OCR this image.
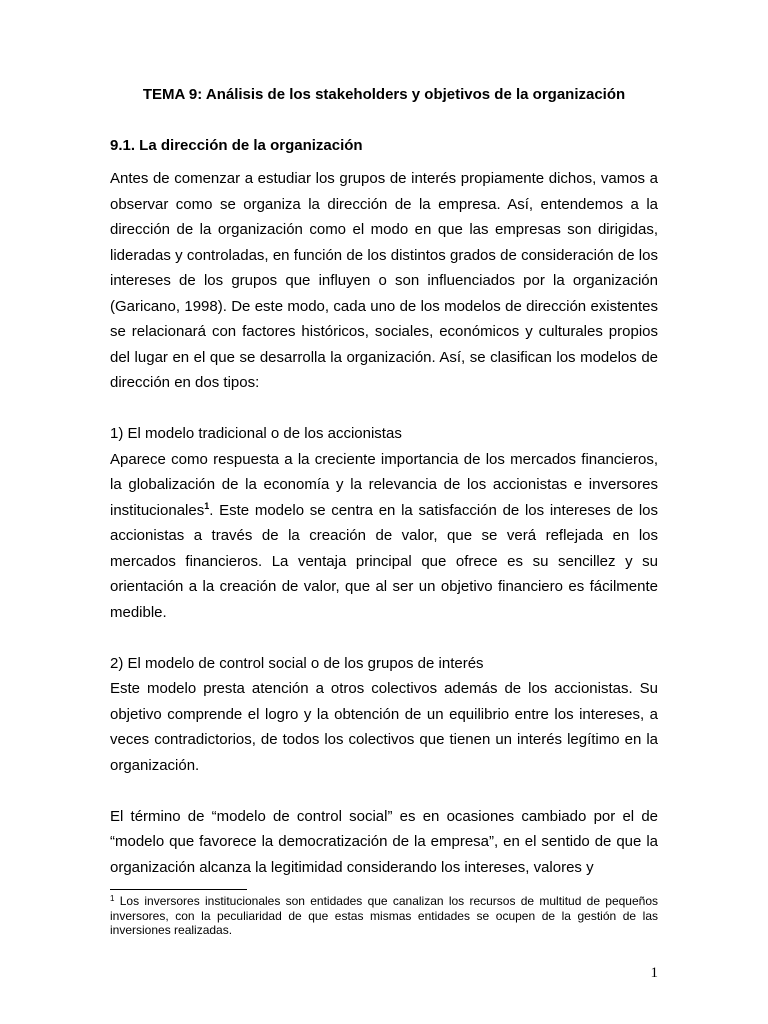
TEMA 9: Análisis de los stakeholders y objetivos de la organización
9.1. La dirección de la organización

Antes de comenzar a estudiar los grupos de interés propiamente dichos, vamos a observar como se organiza la dirección de la empresa. Así, entendemos a la dirección de la organización como el modo en que las empresas son dirigidas, lideradas y controladas, en función de los distintos grados de consideración de los intereses de los grupos que influyen o son influenciados por la organización (Garicano, 1998). De este modo, cada uno de los modelos de dirección existentes se relacionará con factores históricos, sociales, económicos y culturales propios del lugar en el que se desarrolla la organización. Así, se clasifican los modelos de dirección en dos tipos:

1) El modelo tradicional o de los accionistas

Aparece como respuesta a la creciente importancia de los mercados financieros, la globalización de la economía y la relevancia de los accionistas e inversores institucionales$^1$. Este modelo se centra en la satisfacción de los intereses de los accionistas a través de la creación de valor, que se verá reflejada en los mercados financieros. La ventaja principal que ofrece es su sencillez y su orientación a la creación de valor, que al ser un objetivo financiero es fácilmente medible.

2) El modelo de control social o de los grupos de interés

Este modelo presta atención a otros colectivos además de los accionistas. Su objetivo comprende el logro y la obtención de un equilibrio entre los intereses, a veces contradictorios, de todos los colectivos que tienen un interés legítimo en la organización.

El término de “modelo de control social” es en ocasiones cambiado por el de “modelo que favorece la democratización de la empresa”, en el sentido de que la organización alcanza la legitimidad considerando los intereses, valores y

$^1$ Los inversores institucionales son entidades que canalizan los recursos de multitud de pequeños inversores, con la peculiaridad de que estas mismas entidades se ocupen de la gestión de las inversiones realizadas.
1
